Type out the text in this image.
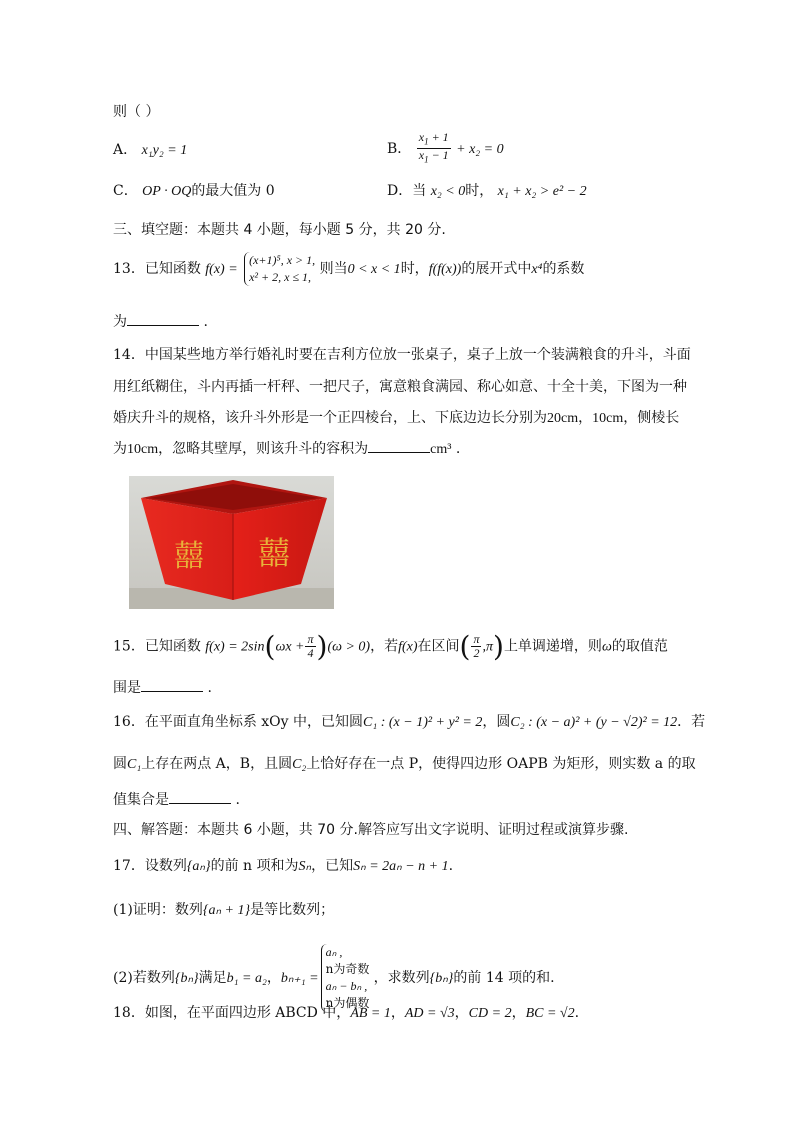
则（ ）
A． x₁y₂ = 1	B． $\frac{x_1 + 1}{x_1 - 1} + x_2 = 0$
C． OP · OQ的最大值为 0	D．当 x₂ < 0时， x₁ + x₂ > e² − 2
三、填空题：本题共 4 小题，每小题 5 分，共 20 分.
13．已知函数 f(x) =
(x+1)⁵, x > 1,
x² + 2, x ≤ 1, 则当0 < x < 1时，f(f(x))的展开式中x⁴的系数
为	.
14．中国某些地方举行婚礼时要在吉利方位放一张桌子，桌子上放一个装满粮食的升斗，斗面
用红纸糊住，斗内再插一杆秤、一把尺子，寓意粮食满园、称心如意、十全十美，下图为一种
婚庆升斗的规格，该升斗外形是一个正四棱台，上、下底边边长分别为20cm，10cm，侧棱长
为10cm，忽略其壁厚，则该升斗的容积为	cm³ .
囍 囍
15．已知函数 $f(x) = 2\sin(\omega x + \frac{\pi}{4} )(\omega > 0)$，若f(x)在区间( $\frac{\pi}{2} ,\pi$)上单调递增，则ω的取值范
围是	.
16．在平面直角坐标系 xOy 中，已知圆C₁ : (x − 1)² + y² = 2，圆C₂ : (x − a)² + (y − √2)² = 12．若
圆C₁上存在两点 A，B，且圆C₂上恰好存在一点 P，使得四边形 OAPB 为矩形，则实数 a 的取
值集合是	.
四、解答题：本题共 6 小题，共 70 分.解答应写出文字说明、证明过程或演算步骤.
17．设数列{aₙ}的前 n 项和为Sₙ，已知Sₙ = 2aₙ − n + 1.
(1)证明：数列{aₙ + 1}是等比数列；
(2)若数列{bₙ}满足b₁ = a₂，bₙ₊₁ =
aₙ ,
n为奇数
aₙ − bₙ ,
n为偶数
，求数列{bₙ}的前 14 项的和.
18．如图，在平面四边形 ABCD 中，AB = 1，AD = √3，CD = 2，BC = √2.
